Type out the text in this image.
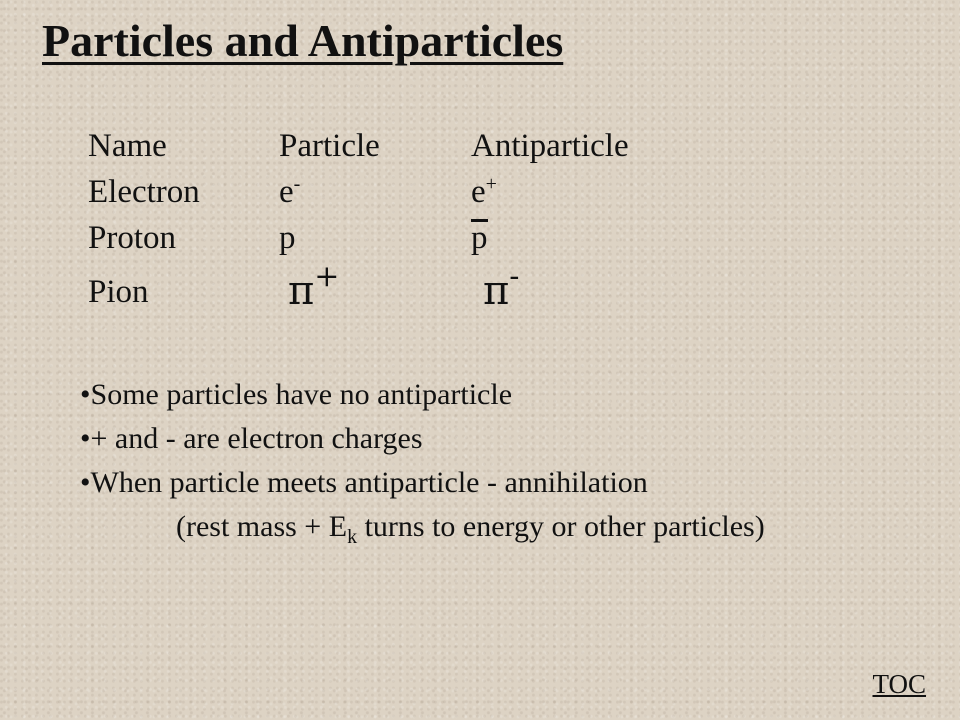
Particles and Antiparticles
Name	Particle	Antiparticle
Electron e-	e+
Proton	p	p
Pion	π+	π-
•Some particles have no antiparticle
•+ and - are electron charges
•When particle meets antiparticle - annihilation
(rest mass + $E_k$ turns to energy or other particles)
TOC
